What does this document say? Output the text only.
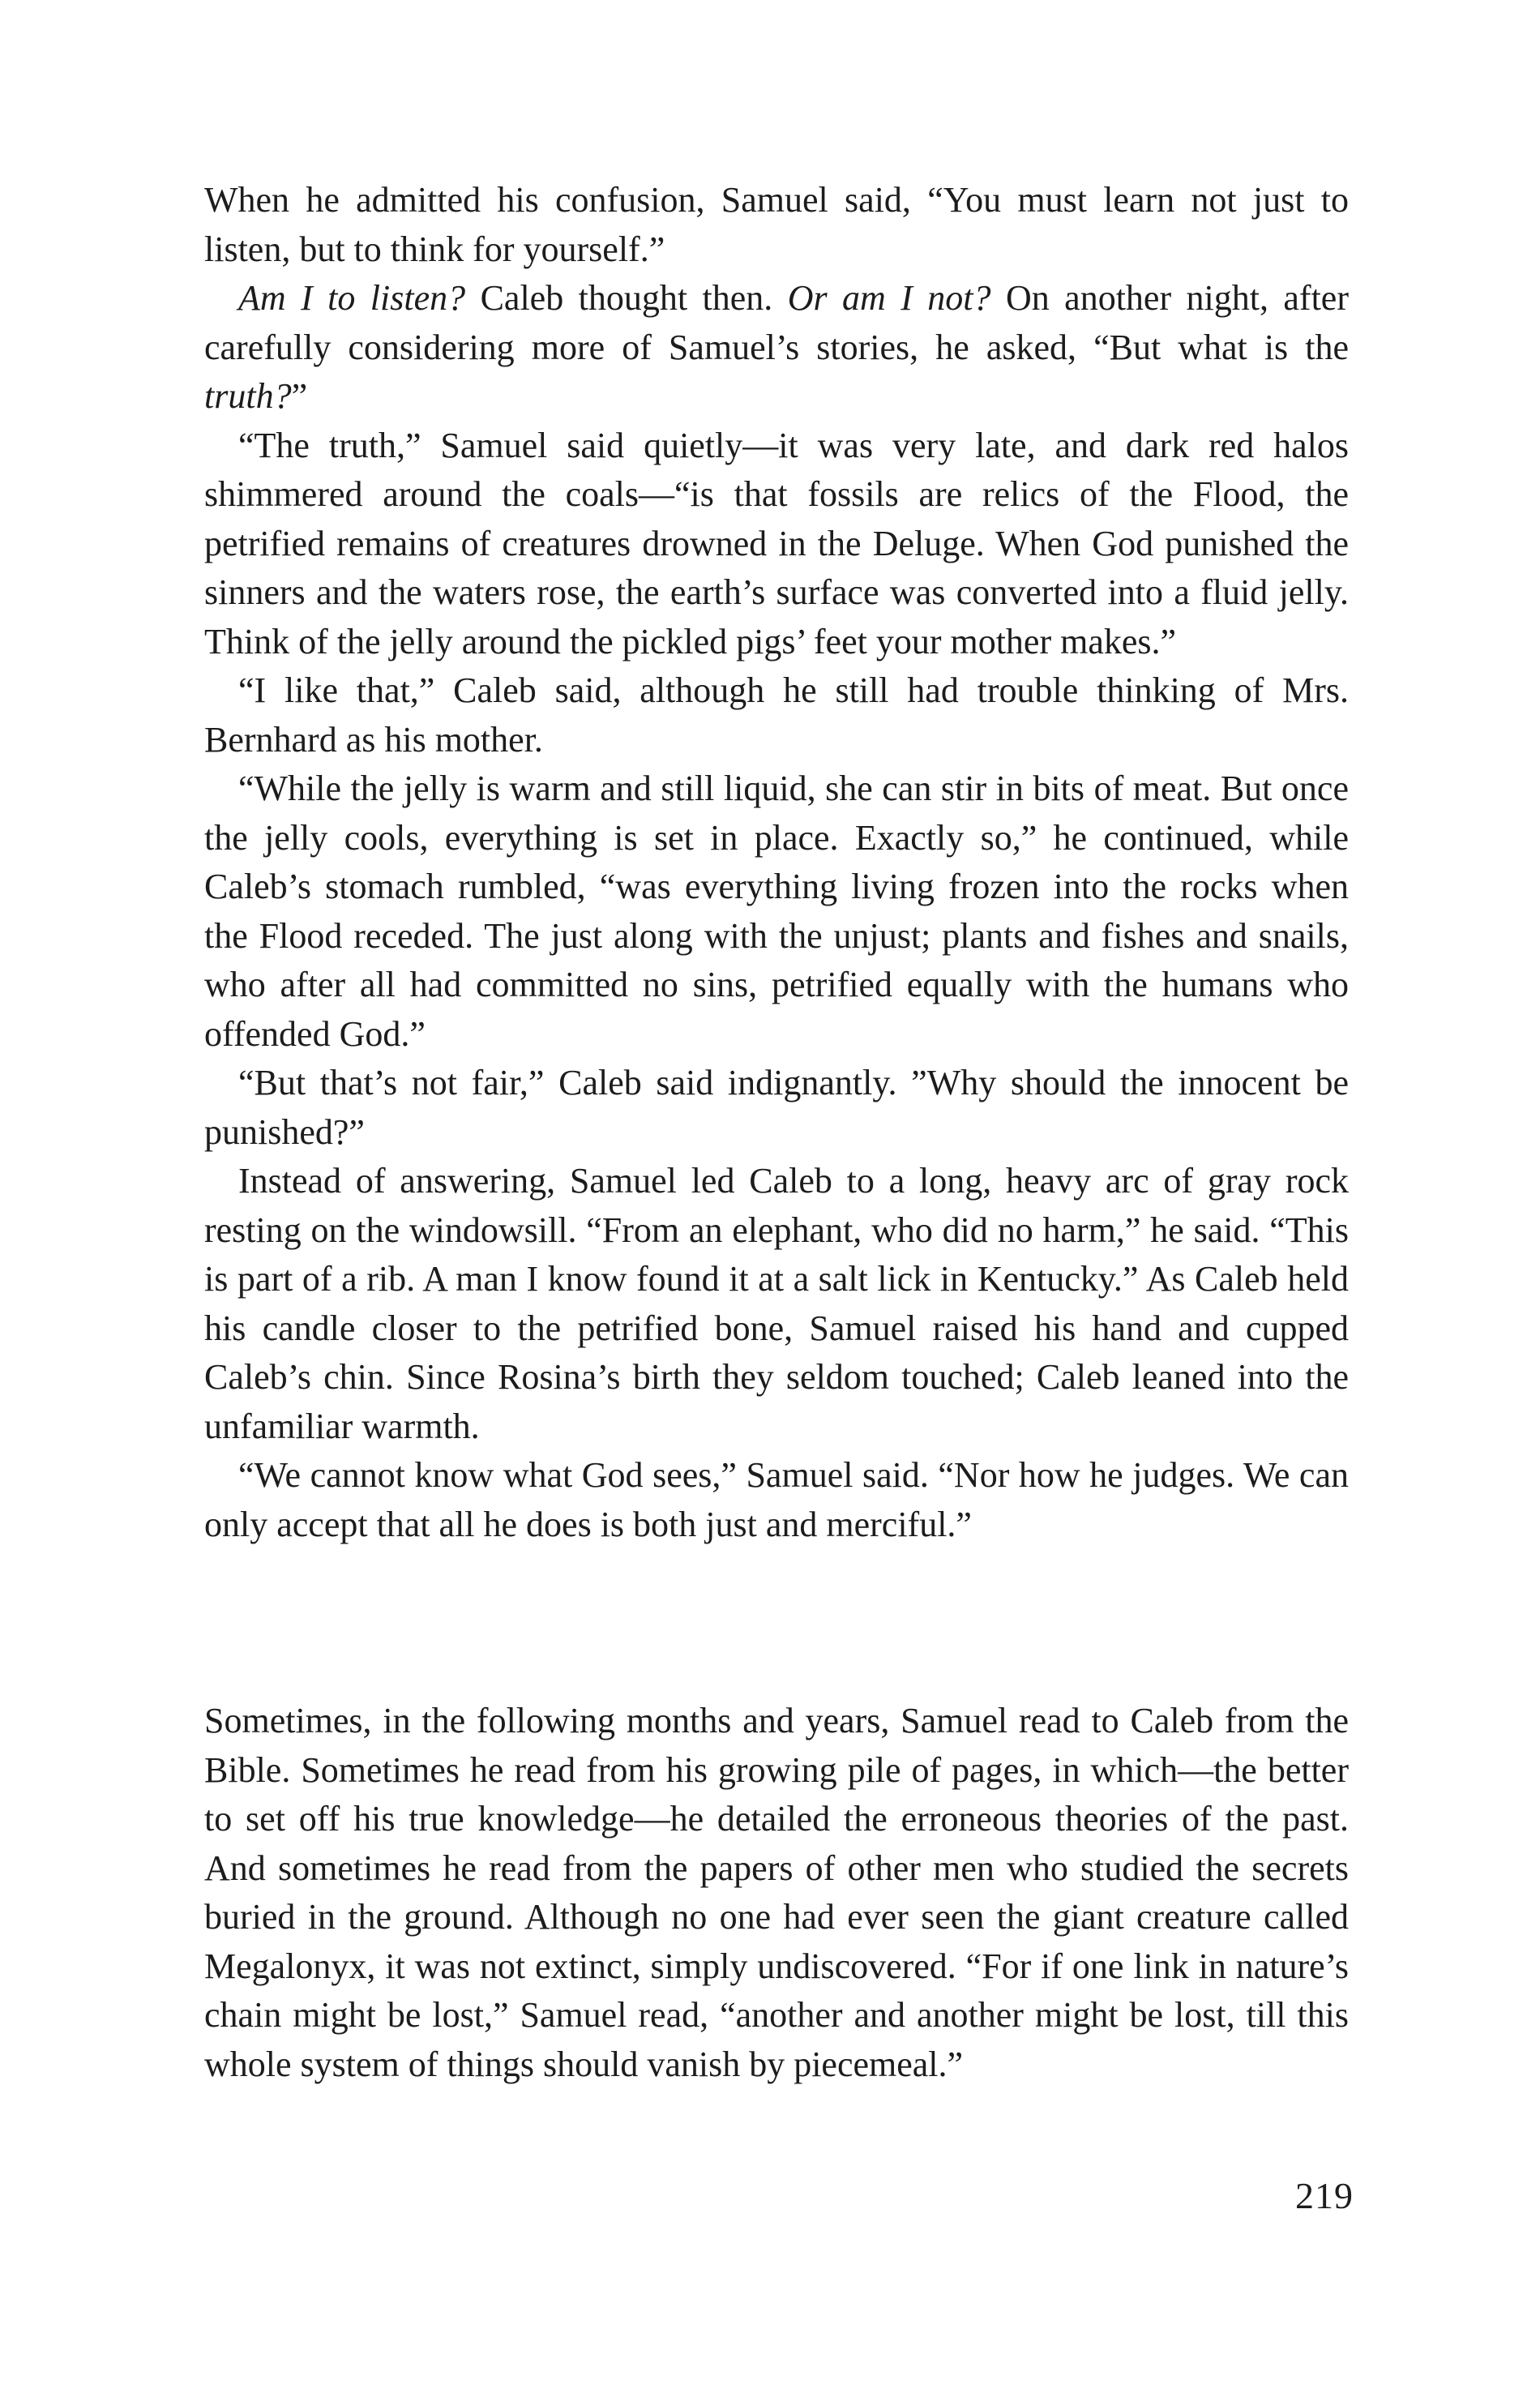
When he admitted his confusion, Samuel said, “You must learn not just to listen, but to think for yourself.”

Am I to listen? Caleb thought then. Or am I not? On another night, after carefully considering more of Samuel’s stories, he asked, “But what is the truth?”

“The truth,” Samuel said quietly—it was very late, and dark red halos shimmered around the coals—“is that fossils are relics of the Flood, the petrified remains of creatures drowned in the Deluge. When God punished the sinners and the waters rose, the earth’s surface was converted into a fluid jelly. Think of the jelly around the pickled pigs’ feet your mother makes.”

“I like that,” Caleb said, although he still had trouble thinking of Mrs. Bernhard as his mother.

“While the jelly is warm and still liquid, she can stir in bits of meat. But once the jelly cools, everything is set in place. Exactly so,” he continued, while Caleb’s stomach rumbled, “was everything living frozen into the rocks when the Flood receded. The just along with the unjust; plants and fishes and snails, who after all had committed no sins, petrified equally with the humans who offended God.”

“But that’s not fair,” Caleb said indignantly. ”Why should the innocent be punished?”

Instead of answering, Samuel led Caleb to a long, heavy arc of gray rock resting on the windowsill. “From an elephant, who did no harm,” he said. “This is part of a rib. A man I know found it at a salt lick in Kentucky.” As Caleb held his candle closer to the petrified bone, Samuel raised his hand and cupped Caleb’s chin. Since Rosina’s birth they seldom touched; Caleb leaned into the unfamiliar warmth.

“We cannot know what God sees,” Samuel said. “Nor how he judges. We can only accept that all he does is both just and merciful.”

Sometimes, in the following months and years, Samuel read to Caleb from the Bible. Sometimes he read from his growing pile of pages, in which—the better to set off his true knowledge—he detailed the erroneous theories of the past. And sometimes he read from the papers of other men who studied the secrets buried in the ground. Although no one had ever seen the giant creature called Megalonyx, it was not extinct, simply undiscovered. “For if one link in nature’s chain might be lost,” Samuel read, “another and another might be lost, till this whole system of things should vanish by piecemeal.”

219
